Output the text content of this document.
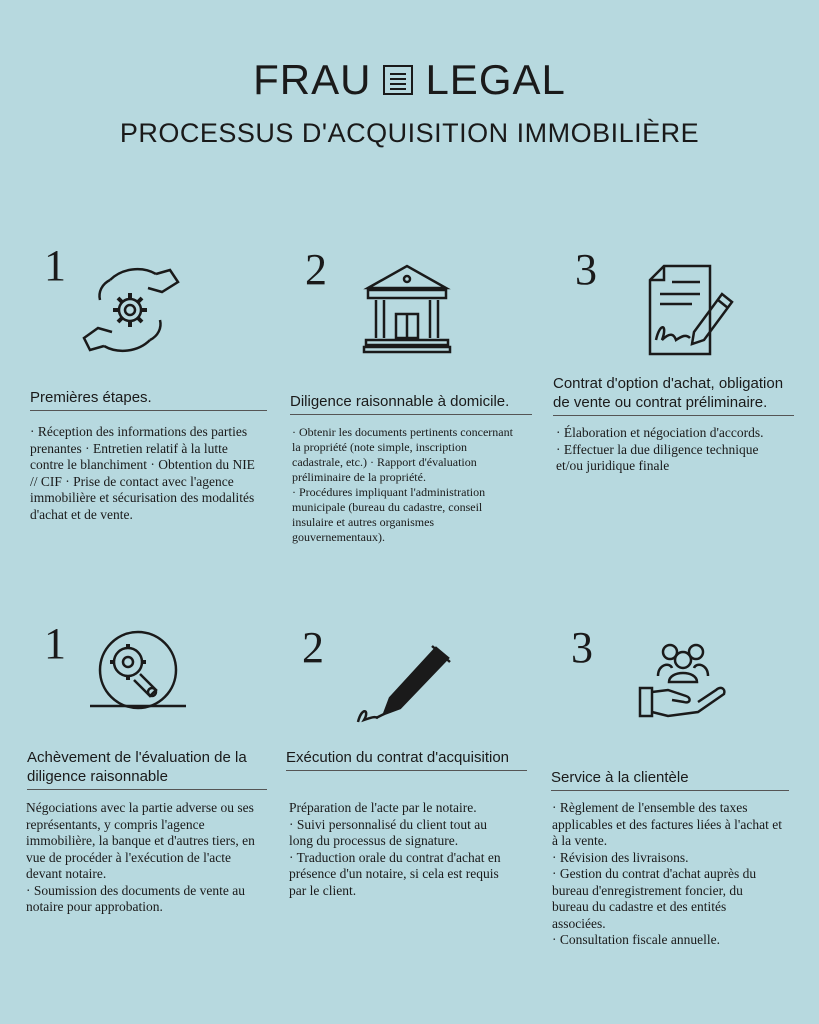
FRAU LEGAL
PROCESSUS D'ACQUISITION IMMOBILIÈRE
1
Premières étapes.
· Réception des informations des parties prenantes · Entretien relatif à la lutte contre le blanchiment · Obtention du NIE // CIF · Prise de contact avec l'agence immobilière et sécurisation des modalités d'achat et de vente.
2
Diligence raisonnable à domicile.
· Obtenir les documents pertinents concernant la propriété (note simple, inscription cadastrale, etc.) · Rapport d'évaluation préliminaire de la propriété.
· Procédures impliquant l'administration municipale (bureau du cadastre, conseil insulaire et autres organismes gouvernementaux).
3
Contrat d'option d'achat, obligation de vente ou contrat préliminaire.
· Élaboration et négociation d'accords.
· Effectuer la due diligence technique et/ou juridique finale
1
Achèvement de l'évaluation de la diligence raisonnable
Négociations avec la partie adverse ou ses représentants, y compris l'agence immobilière, la banque et d'autres tiers, en vue de procéder à l'exécution de l'acte devant notaire.
· Soumission des documents de vente au notaire pour approbation.
2
Exécution du contrat d'acquisition
Préparation de l'acte par le notaire.
· Suivi personnalisé du client tout au long du processus de signature.
· Traduction orale du contrat d'achat en présence d'un notaire, si cela est requis par le client.
3
Service à la clientèle
· Règlement de l'ensemble des taxes applicables et des factures liées à l'achat et à la vente.
· Révision des livraisons.
· Gestion du contrat d'achat auprès du bureau d'enregistrement foncier, du bureau du cadastre et des entités associées.
· Consultation fiscale annuelle.
